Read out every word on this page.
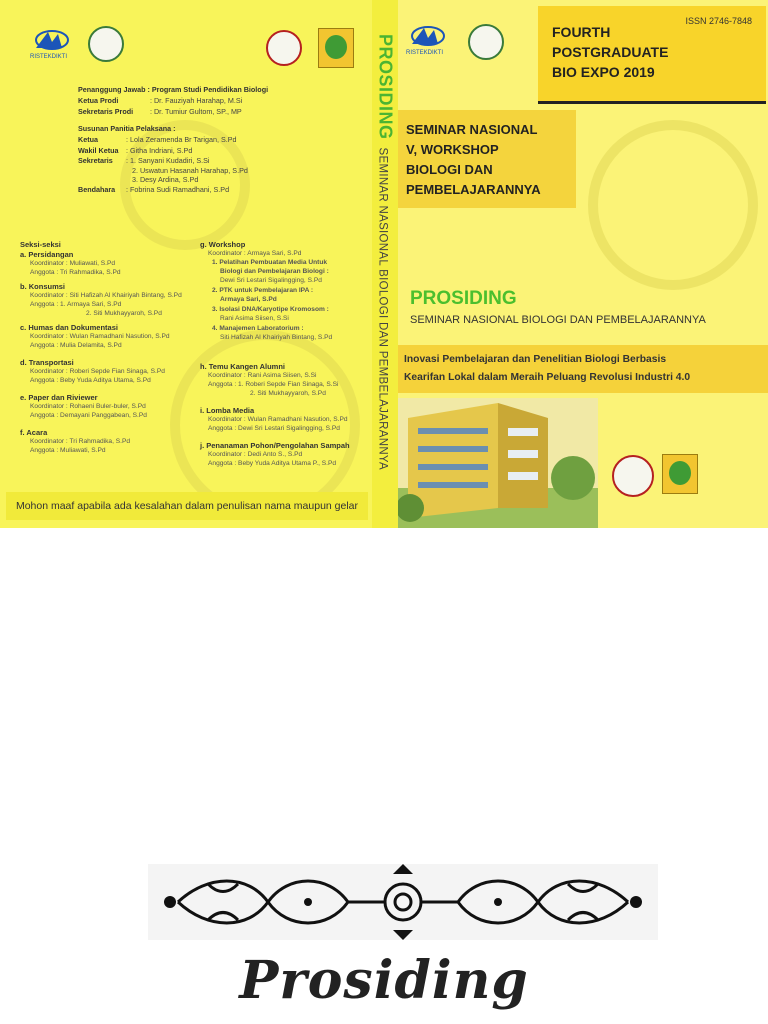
RISTEKDIKTI
Penanggung Jawab : Program Studi Pendidikan Biologi
Ketua Prodi	: Dr. Fauziyah Harahap, M.Si
Sekretaris Prodi : Dr. Tumiur Gultom, SP., MP
Susunan Panitia Pelaksana :
Ketua	: Lola Zeramenda Br Tarigan, S.Pd
Wakil Ketua : Githa Indriani, S.Pd
Sekretaris : 1. Sanyani Kudadiri, S.Si
2. Uswatun Hasanah Harahap, S.Pd
3. Desy Ardina, S.Pd
Bendahara : Fobrina Sudi Ramadhani, S.Pd
Seksi-seksi
a. Persidangan
Koordinator : Muliawati, S.Pd
Anggota : Tri Rahmadika, S.Pd
b. Konsumsi
Koordinator : Siti Hafizah Al Khairiyah Bintang, S.Pd
Anggota : 1. Armaya Sari, S.Pd
2. Siti Mukhayyaroh, S.Pd
c. Humas dan Dokumentasi
Koordinator : Wulan Ramadhani Nasution, S.Pd
Anggota : Mulia Delamita, S.Pd
d. Transportasi
Koordinator : Roberi Sepde Fian Sinaga, S.Pd
Anggota : Beby Yuda Aditya Utama, S.Pd
e. Paper dan Riviewer
Koordinator : Rohaeni Buler-buler, S.Pd
Anggota : Demayani Panggabean, S.Pd
f. Acara
Koordinator : Tri Rahmadika, S.Pd
Anggota : Muliawati, S.Pd
g. Workshop
Koordinator : Armaya Sari, S.Pd
1. Pelatihan Pembuatan Media Untuk
Biologi dan Pembelajaran Biologi :
Dewi Sri Lestari Sigalingging, S.Pd
2. PTK untuk Pembelajaran IPA :
Armaya Sari, S.Pd
3. Isolasi DNA/Karyotipe Kromosom :
Rani Asima Siisen, S.Si
4. Manajemen Laboratorium :
Siti Hafizah Al Khairiyah Bintang, S.Pd
h. Temu Kangen Alumni
Koordinator : Rani Asima Siisen, S.Si
Anggota : 1. Roberi Sepde Fian Sinaga, S.Si
2. Siti Mukhayyaroh, S.Pd
i. Lomba Media
Koordinator : Wulan Ramadhani Nasution, S.Pd
Anggota : Dewi Sri Lestari Sigalingging, S.Pd
j. Penanaman Pohon/Pengolahan Sampah
Koordinator : Dedi Anto S., S.Pd
Anggota : Beby Yuda Aditya Utama P., S.Pd
Mohon maaf apabila ada kesalahan dalam penulisan nama maupun gelar
PROSIDINGSEMINAR NASIONAL BIOLOGI DAN PEMBELAJARANNYA
RISTEKDIKTI
ISSN 2746-7848
FOURTH
POSTGRADUATE
BIO EXPO 2019
SEMINAR NASIONAL
V, WORKSHOP
BIOLOGI DAN
PEMBELAJARANNYA
PROSIDING
SEMINAR NASIONAL BIOLOGI DAN PEMBELAJARANNYA
Inovasi Pembelajaran dan Penelitian Biologi Berbasis
Kearifan Lokal dalam Meraih Peluang Revolusi Industri 4.0
Prosiding
